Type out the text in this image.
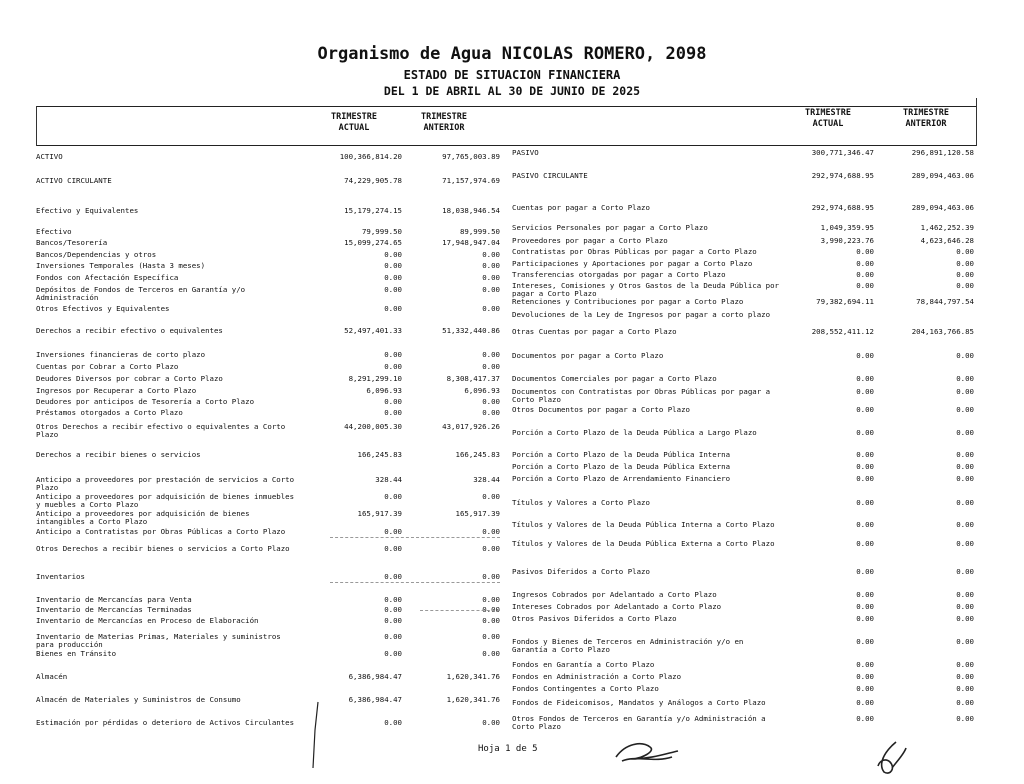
Organismo de Agua NICOLAS ROMERO, 2098
ESTADO DE SITUACION FINANCIERA
DEL 1 DE ABRIL AL 30 DE JUNIO DE 2025
TRIMESTRE ACTUAL
TRIMESTRE ANTERIOR
TRIMESTRE ACTUAL
TRIMESTRE ANTERIOR
ACTIVO	100,366,814.20	97,765,003.89
ACTIVO CIRCULANTE	74,229,905.78	71,157,974.69
Efectivo y Equivalentes	15,179,274.15	18,038,946.54
Efectivo	79,999.50	89,999.50
Bancos/Tesorería	15,099,274.65	17,948,947.04
Bancos/Dependencias y otros	0.00	0.00
Inversiones Temporales (Hasta 3 meses)	0.00	0.00
Fondos con Afectación Específica	0.00	0.00
Depósitos de Fondos de Terceros en Garantía y/o Administración
0.00	0.00
Otros Efectivos y Equivalentes	0.00	0.00
Derechos a recibir efectivo o equivalentes	52,497,401.33	51,332,440.86
Inversiones financieras de corto plazo	0.00	0.00
Cuentas por Cobrar a Corto Plazo	0.00	0.00
Deudores Diversos por cobrar a Corto Plazo	8,291,299.10	8,308,417.37
Ingresos por Recuperar a Corto Plazo	6,096.93	6,096.93
Deudores por anticipos de Tesorería a Corto Plazo	0.00	0.00
Préstamos otorgados a Corto Plazo	0.00	0.00
Otros Derechos a recibir efectivo o equivalentes a Corto Plazo
44,200,005.30	43,017,926.26
Derechos a recibir bienes o servicios	166,245.83	166,245.83
Anticipo a proveedores por prestación de servicios a Corto Plazo
328.44	328.44
Anticipo a proveedores por adquisición de bienes inmuebles y muebles a Corto Plazo
0.00	0.00
Anticipo a proveedores por adquisición de bienes intangibles a Corto Plazo
165,917.39	165,917.39
Anticipo a Contratistas por Obras Públicas a Corto Plazo	0.00	0.00
Otros Derechos a recibir bienes o servicios a Corto Plazo	0.00	0.00
Inventarios	0.00	0.00
Inventario de Mercancías para Venta	0.00	0.00
Inventario de Mercancías Terminadas	0.00	0.00
Inventario de Mercancías en Proceso de Elaboración	0.00	0.00
Inventario de Materias Primas, Materiales y suministros para producción
0.00	0.00
Bienes en Tránsito	0.00	0.00
Almacén	6,386,984.47	1,620,341.76
Almacén de Materiales y Suministros de Consumo	6,386,984.47	1,620,341.76
Estimación por pérdidas o deterioro de Activos Circulantes	0.00	0.00
PASIVO	300,771,346.47	296,891,120.58
PASIVO CIRCULANTE	292,974,688.95	289,094,463.06
Cuentas por pagar a Corto Plazo	292,974,688.95	289,094,463.06
Servicios Personales por pagar a Corto Plazo	1,049,359.95	1,462,252.39
Proveedores por pagar a Corto Plazo	3,990,223.76	4,623,646.28
Contratistas por Obras Públicas por pagar a Corto Plazo	0.00	0.00
Participaciones y Aportaciones por pagar a Corto Plazo	0.00	0.00
Transferencias otorgadas por pagar a Corto Plazo	0.00	0.00
Intereses, Comisiones y Otros Gastos de la Deuda Pública por pagar a Corto Plazo
0.00	0.00
Retenciones y Contribuciones por pagar a Corto Plazo	79,382,694.11	78,844,797.54
Devoluciones de la Ley de Ingresos por pagar a corto plazo
Otras Cuentas por pagar a Corto Plazo	208,552,411.12	204,163,766.85
Documentos por pagar a Corto Plazo	0.00	0.00
Documentos Comerciales por pagar a Corto Plazo	0.00	0.00
Documentos con Contratistas por Obras Públicas por pagar a Corto Plazo
0.00	0.00
Otros Documentos por pagar a Corto Plazo	0.00	0.00
Porción a Corto Plazo de la Deuda Pública a Largo Plazo	0.00	0.00
Porción a Corto Plazo de la Deuda Pública Interna	0.00	0.00
Porción a Corto Plazo de la Deuda Pública Externa	0.00	0.00
Porción a Corto Plazo de Arrendamiento Financiero	0.00	0.00
Títulos y Valores a Corto Plazo	0.00	0.00
Títulos y Valores de la Deuda Pública Interna a Corto Plazo	0.00	0.00
Títulos y Valores de la Deuda Pública Externa a Corto Plazo	0.00	0.00
Pasivos Diferidos a Corto Plazo	0.00	0.00
Ingresos Cobrados por Adelantado a Corto Plazo	0.00	0.00
Intereses Cobrados por Adelantado a Corto Plazo	0.00	0.00
Otros Pasivos Diferidos a Corto Plazo	0.00	0.00
Fondos y Bienes de Terceros en Administración y/o en Garantía a Corto Plazo
0.00	0.00
Fondos en Garantía a Corto Plazo	0.00	0.00
Fondos en Administración a Corto Plazo	0.00	0.00
Fondos Contingentes a Corto Plazo	0.00	0.00
Fondos de Fideicomisos, Mandatos y Análogos a Corto Plazo	0.00	0.00
Otros Fondos de Terceros en Garantía y/o Administración a Corto Plazo
0.00	0.00
Hoja 1 de 5
